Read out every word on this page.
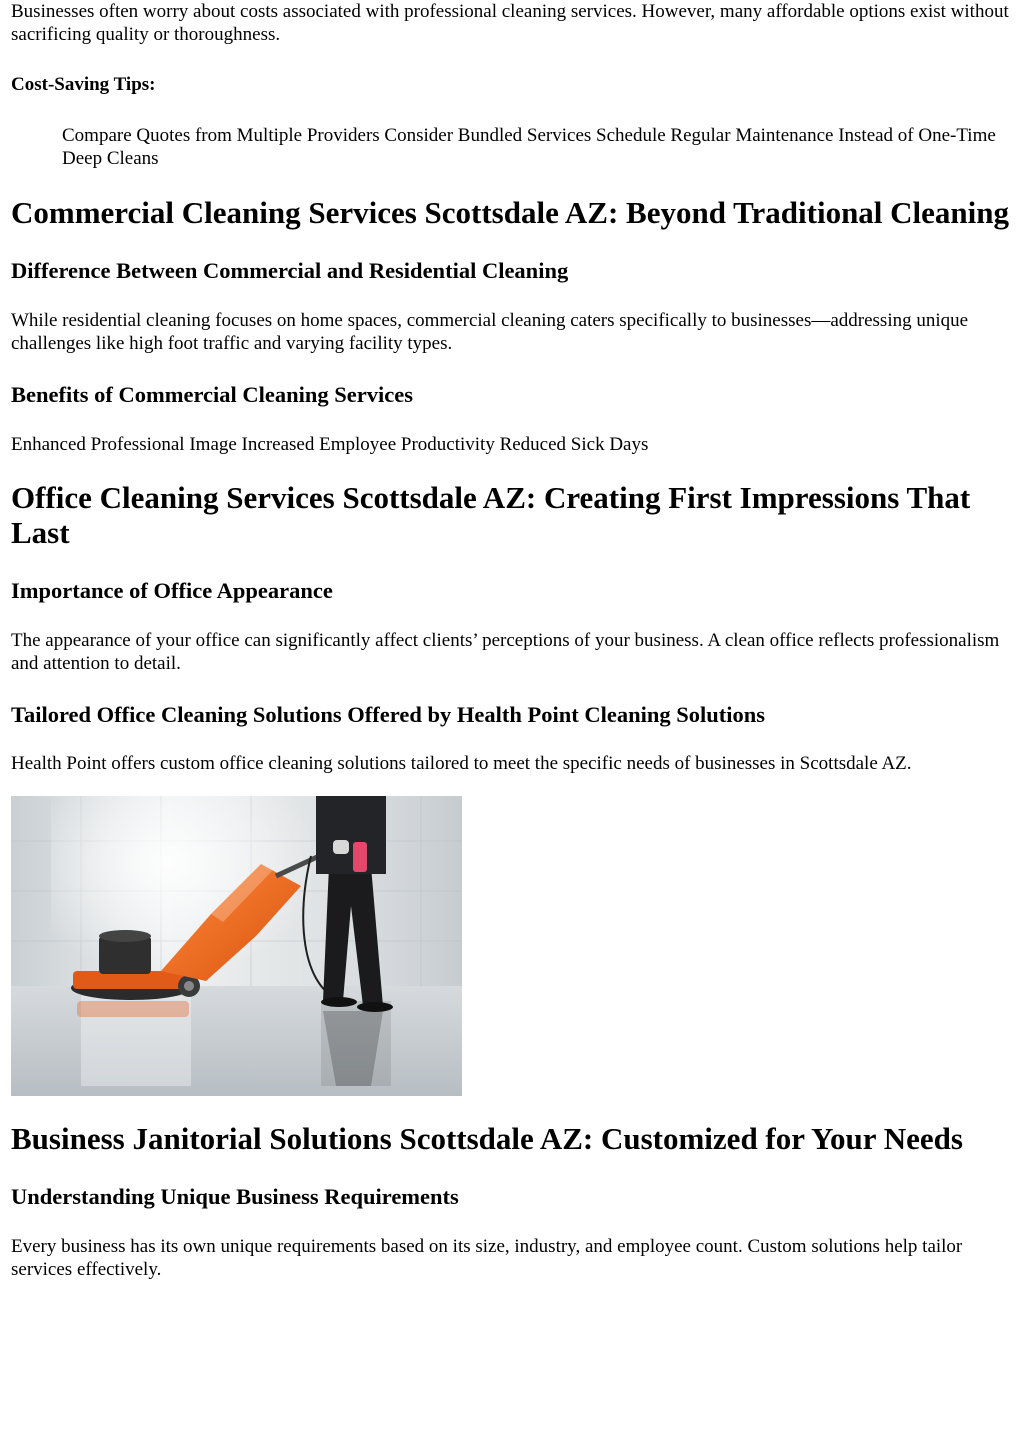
Businesses often worry about costs associated with professional cleaning services. However, many affordable options exist without sacrificing quality or thoroughness.

Cost-Saving Tips:

Compare Quotes from Multiple Providers Consider Bundled Services Schedule Regular Maintenance Instead of One-Time Deep Cleans

Commercial Cleaning Services Scottsdale AZ: Beyond Traditional Cleaning
Difference Between Commercial and Residential Cleaning

While residential cleaning focuses on home spaces, commercial cleaning caters specifically to businesses—addressing unique challenges like high foot traffic and varying facility types.

Benefits of Commercial Cleaning Services

Enhanced Professional Image Increased Employee Productivity Reduced Sick Days

Office Cleaning Services Scottsdale AZ: Creating First Impressions That Last
Importance of Office Appearance

The appearance of your office can significantly affect clients’ perceptions of your business. A clean office reflects professionalism and attention to detail.

Tailored Office Cleaning Solutions Offered by Health Point Cleaning Solutions

Health Point offers custom office cleaning solutions tailored to meet the specific needs of businesses in Scottsdale AZ.

Business Janitorial Solutions Scottsdale AZ: Customized for Your Needs
Understanding Unique Business Requirements

Every business has its own unique requirements based on its size, industry, and employee count. Custom solutions help tailor services effectively.
